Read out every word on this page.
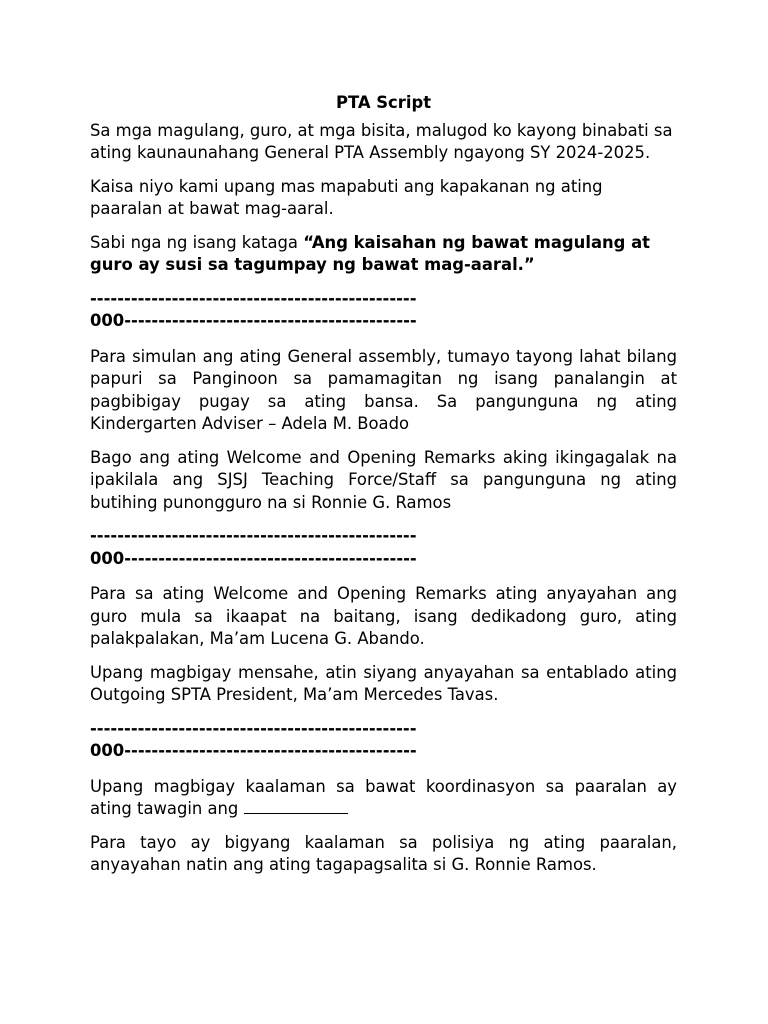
PTA Script

Sa mga magulang, guro, at mga bisita, malugod ko kayong binabati sa ating kaunaunahang General PTA Assembly ngayong SY 2024-2025.

Kaisa niyo kami upang mas mapabuti ang kapakanan ng ating paaralan at bawat mag-aaral.

Sabi nga ng isang kataga “Ang kaisahan ng bawat magulang at guro ay susi sa tagumpay ng bawat mag-aaral.”

------------------------------------------------
000-------------------------------------------

Para simulan ang ating General assembly, tumayo tayong lahat bilang papuri sa Panginoon sa pamamagitan ng isang panalangin at pagbibigay pugay sa ating bansa. Sa pangunguna ng ating Kindergarten Adviser – Adela M. Boado

Bago ang ating Welcome and Opening Remarks aking ikingagalak na ipakilala ang SJSJ Teaching Force/Staff sa pangunguna ng ating butihing punongguro na si Ronnie G. Ramos

------------------------------------------------
000-------------------------------------------

Para sa ating Welcome and Opening Remarks ating anyayahan ang guro mula sa ikaapat na baitang, isang dedikadong guro, ating palakpalakan, Ma’am Lucena G. Abando.

Upang magbigay mensahe, atin siyang anyayahan sa entablado ating Outgoing SPTA President, Ma’am Mercedes Tavas.

------------------------------------------------
000-------------------------------------------

Upang magbigay kaalaman sa bawat koordinasyon sa paaralan ay ating tawagin ang

Para tayo ay bigyang kaalaman sa polisiya ng ating paaralan, anyayahan natin ang ating tagapagsalita si G. Ronnie Ramos.
